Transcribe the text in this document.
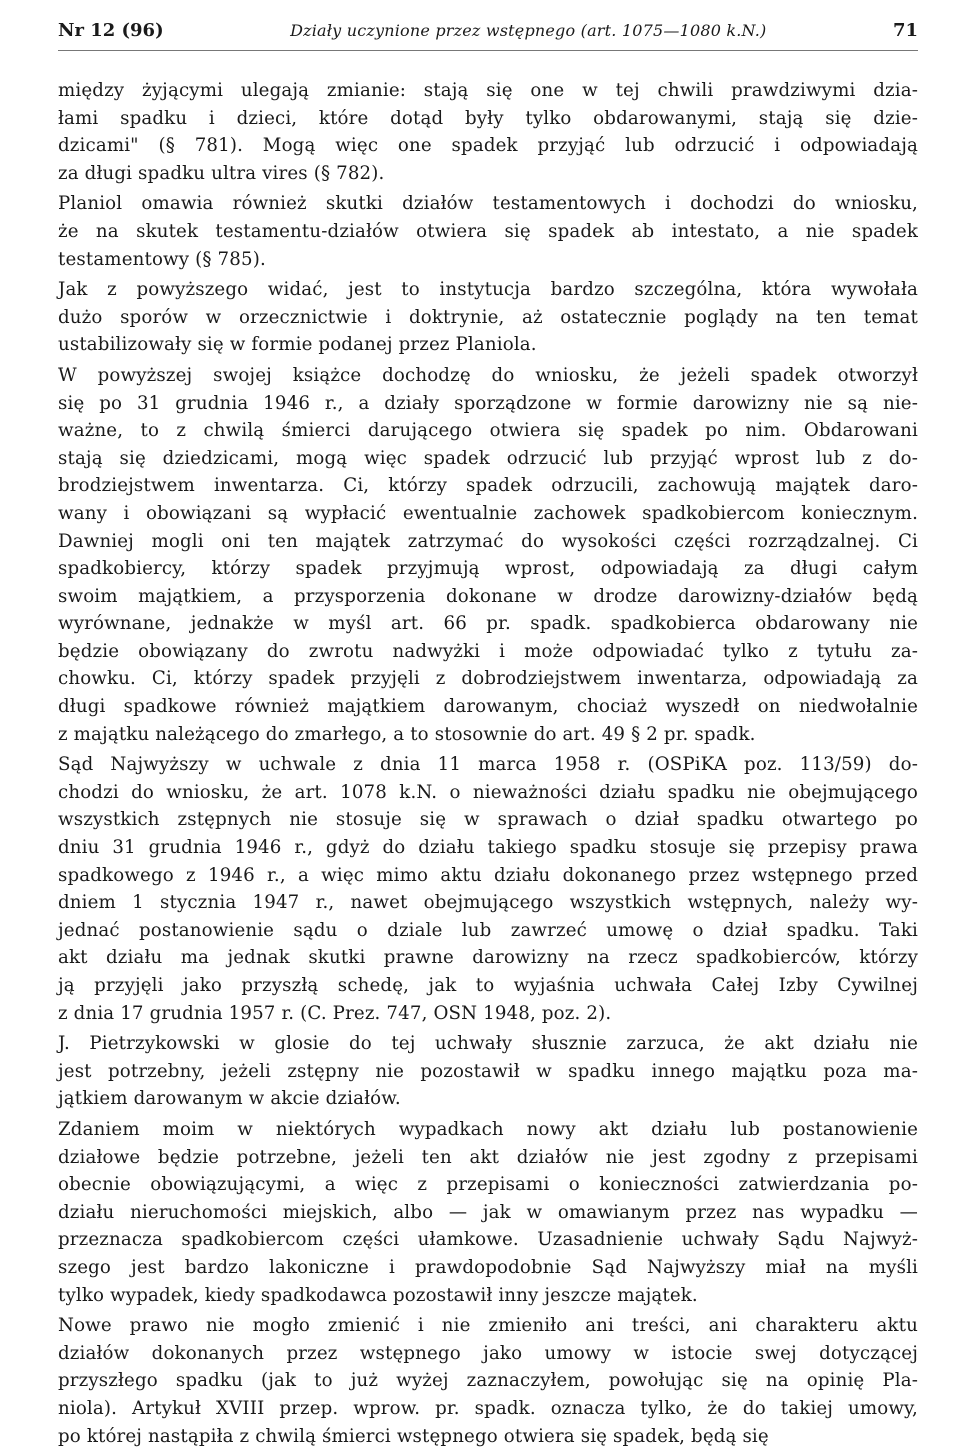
Nr 12 (96)	Działy uczynione przez wstępnego (art. 1075—1080 k.N.)	71
między żyjącymi ulegają zmianie: stają się one w tej chwili prawdziwymi dzia-
łami spadku i dzieci, które dotąd były tylko obdarowanymi, stają się dzie-
dzicami" (§ 781). Mogą więc one spadek przyjąć lub odrzucić i odpowiadają
za długi spadku ultra vires (§ 782).
Planiol omawia również skutki działów testamentowych i dochodzi do wniosku,
że na skutek testamentu-działów otwiera się spadek ab intestato, a nie spadek
testamentowy (§ 785).
Jak z powyższego widać, jest to instytucja bardzo szczególna, która wywołała
dużo sporów w orzecznictwie i doktrynie, aż ostatecznie poglądy na ten temat
ustabilizowały się w formie podanej przez Planiola.
W powyższej swojej książce dochodzę do wniosku, że jeżeli spadek otworzył
się po 31 grudnia 1946 r., a działy sporządzone w formie darowizny nie są nie-
ważne, to z chwilą śmierci darującego otwiera się spadek po nim. Obdarowani
stają się dziedzicami, mogą więc spadek odrzucić lub przyjąć wprost lub z do-
brodziejstwem inwentarza. Ci, którzy spadek odrzucili, zachowują majątek daro-
wany i obowiązani są wypłacić ewentualnie zachowek spadkobiercom koniecznym.
Dawniej mogli oni ten majątek zatrzymać do wysokości części rozrządzalnej. Ci
spadkobiercy, którzy spadek przyjmują wprost, odpowiadają za długi całym
swoim majątkiem, a przysporzenia dokonane w drodze darowizny-działów będą
wyrównane, jednakże w myśl art. 66 pr. spadk. spadkobierca obdarowany nie
będzie obowiązany do zwrotu nadwyżki i może odpowiadać tylko z tytułu za-
chowku. Ci, którzy spadek przyjęli z dobrodziejstwem inwentarza, odpowiadają za
długi spadkowe również majątkiem darowanym, chociaż wyszedł on niedwołalnie
z majątku należącego do zmarłego, a to stosownie do art. 49 § 2 pr. spadk.
Sąd Najwyższy w uchwale z dnia 11 marca 1958 r. (OSPiKA poz. 113/59) do-
chodzi do wniosku, że art. 1078 k.N. o nieważności działu spadku nie obejmującego
wszystkich zstępnych nie stosuje się w sprawach o dział spadku otwartego po
dniu 31 grudnia 1946 r., gdyż do działu takiego spadku stosuje się przepisy prawa
spadkowego z 1946 r., a więc mimo aktu działu dokonanego przez wstępnego przed
dniem 1 stycznia 1947 r., nawet obejmującego wszystkich wstępnych, należy wy-
jednać postanowienie sądu o dziale lub zawrzeć umowę o dział spadku. Taki
akt działu ma jednak skutki prawne darowizny na rzecz spadkobierców, którzy
ją przyjęli jako przyszłą schedę, jak to wyjaśnia uchwała Całej Izby Cywilnej
z dnia 17 grudnia 1957 r. (C. Prez. 747, OSN 1948, poz. 2).
J. Pietrzykowski w glosie do tej uchwały słusznie zarzuca, że akt działu nie
jest potrzebny, jeżeli zstępny nie pozostawił w spadku innego majątku poza ma-
jątkiem darowanym w akcie działów.
Zdaniem moim w niektórych wypadkach nowy akt działu lub postanowienie
działowe będzie potrzebne, jeżeli ten akt działów nie jest zgodny z przepisami
obecnie obowiązującymi, a więc z przepisami o konieczności zatwierdzania po-
działu nieruchomości miejskich, albo — jak w omawianym przez nas wypadku —
przeznacza spadkobiercom części ułamkowe. Uzasadnienie uchwały Sądu Najwyż-
szego jest bardzo lakoniczne i prawdopodobnie Sąd Najwyższy miał na myśli
tylko wypadek, kiedy spadkodawca pozostawił inny jeszcze majątek.
Nowe prawo nie mogło zmienić i nie zmieniło ani treści, ani charakteru aktu
działów dokonanych przez wstępnego jako umowy w istocie swej dotyczącej
przyszłego spadku (jak to już wyżej zaznaczyłem, powołując się na opinię Pla-
niola). Artykuł XVIII przep. wprow. pr. spadk. oznacza tylko, że do takiej umowy,
po której nastąpiła z chwilą śmierci wstępnego otwiera się spadek, będą się
